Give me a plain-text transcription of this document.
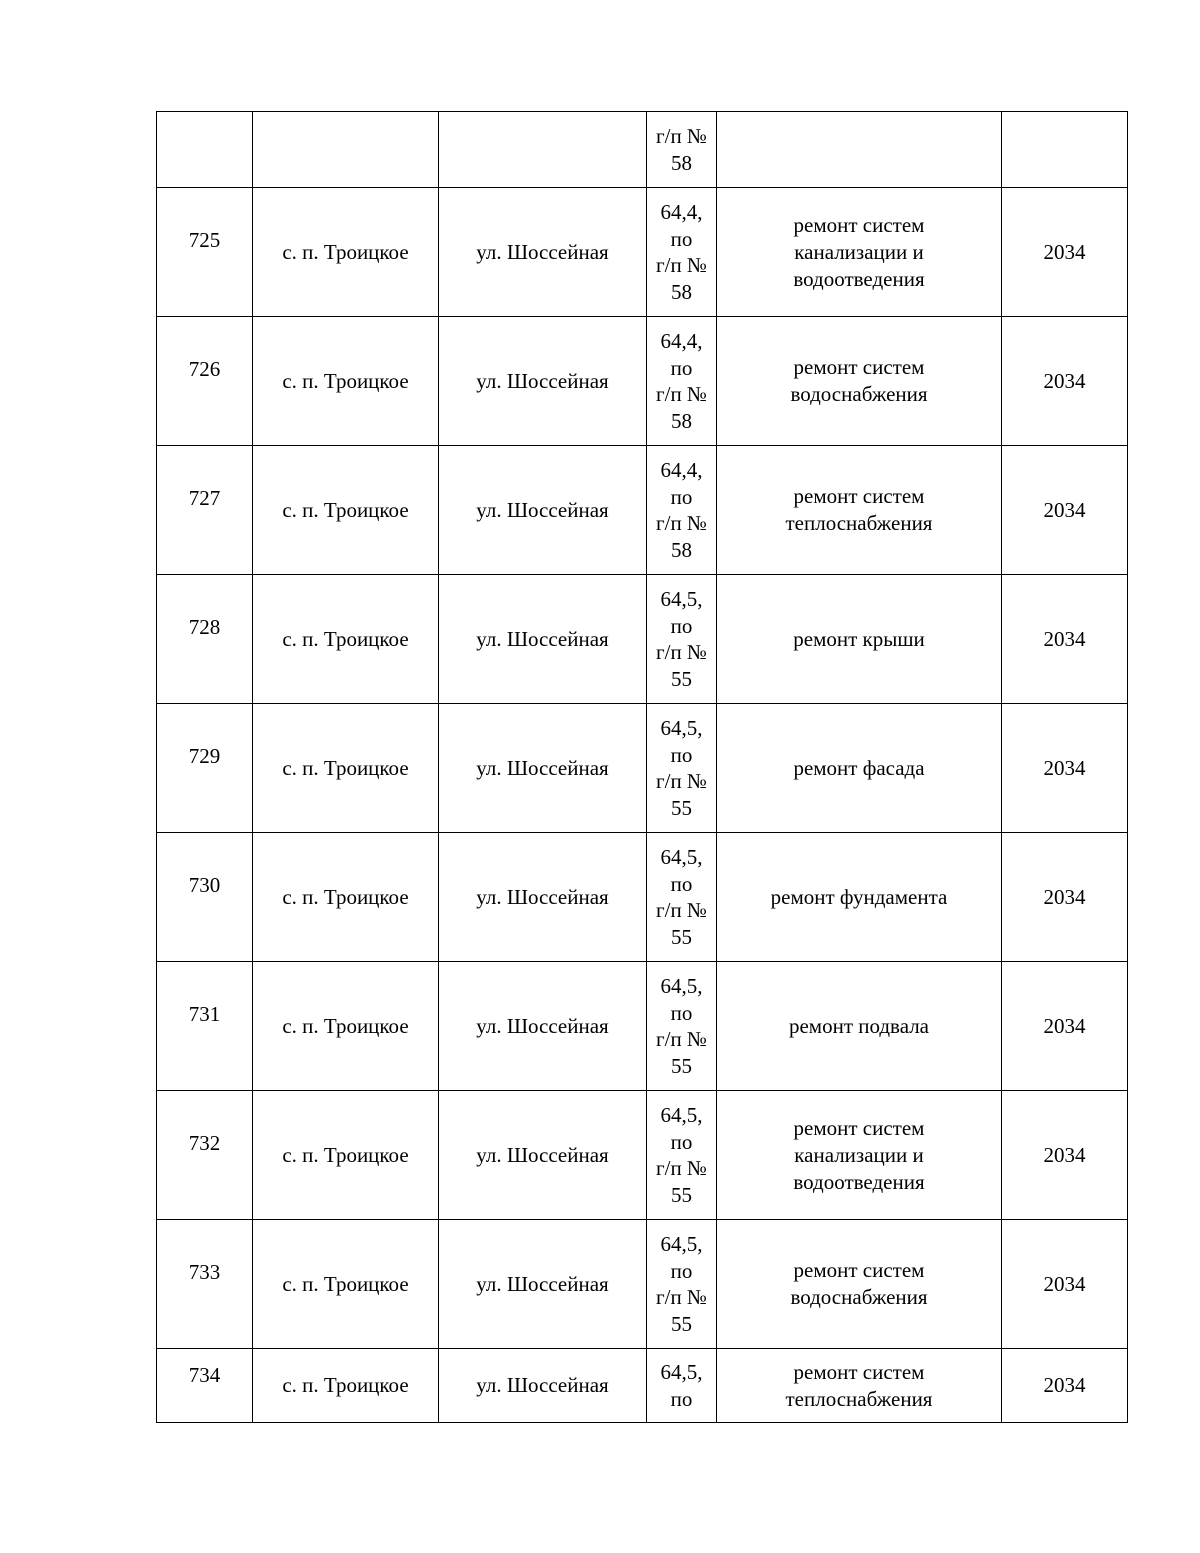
			г/п №
58		

725	с. п. Троицкое	ул. Шоссейная	64,4,
по
г/п №
58	ремонт систем
канализации и
водоотведения	2034
726	с. п. Троицкое	ул. Шоссейная	64,4,
по
г/п №
58	ремонт систем
водоснабжения	2034
727	с. п. Троицкое	ул. Шоссейная	64,4,
по
г/п №
58	ремонт систем
теплоснабжения	2034
728	с. п. Троицкое	ул. Шоссейная	64,5,
по
г/п №
55	ремонт крыши	2034
729	с. п. Троицкое	ул. Шоссейная	64,5,
по
г/п №
55	ремонт фасада	2034
730	с. п. Троицкое	ул. Шоссейная	64,5,
по
г/п №
55	ремонт фундамента	2034
731	с. п. Троицкое	ул. Шоссейная	64,5,
по
г/п №
55	ремонт подвала	2034
732	с. п. Троицкое	ул. Шоссейная	64,5,
по
г/п №
55	ремонт систем
канализации и
водоотведения	2034
733	с. п. Троицкое	ул. Шоссейная	64,5,
по
г/п №
55	ремонт систем
водоснабжения	2034
734	с. п. Троицкое	ул. Шоссейная	64,5,
по	ремонт систем
теплоснабжения	2034
